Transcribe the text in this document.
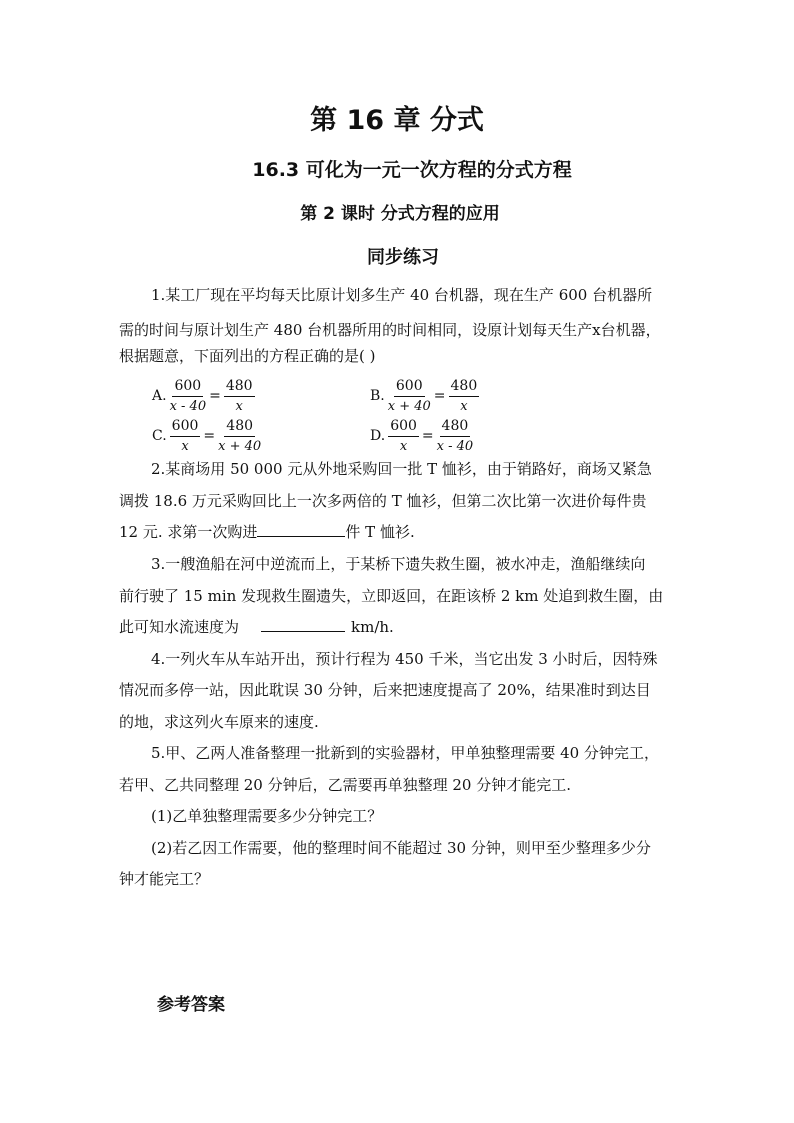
第 16 章 分式
16.3 可化为一元一次方程的分式方程
第 2 课时 分式方程的应用
同步练习
1.某工厂现在平均每天比原计划多生产 40 台机器，现在生产 600 台机器所
需的时间与原计划生产 480 台机器所用的时间相同，设原计划每天生产x台机器，
根据题意，下面列出的方程正确的是( )
A. $\frac{600}{x - 40} = \frac{480}{x}$	B. $\frac{600}{x + 40} = \frac{480}{x}$
C. $\frac{600}{x} = \frac{480}{x + 40}$	D. $\frac{600}{x} = \frac{480}{x - 40}$
2.某商场用 50 000 元从外地采购回一批 T 恤衫，由于销路好，商场又紧急
调拨 18.6 万元采购回比上一次多两倍的 T 恤衫，但第二次比第一次进价每件贵
12 元. 求第一次购进	件 T 恤衫.
3.一艘渔船在河中逆流而上，于某桥下遗失救生圈，被水冲走，渔船继续向
前行驶了 15 min 发现救生圈遗失，立即返回，在距该桥 2 km 处追到救生圈，由
此可知水流速度为	km/h.
4.一列火车从车站开出，预计行程为 450 千米，当它出发 3 小时后，因特殊
情况而多停一站，因此耽误 30 分钟，后来把速度提高了 20%，结果准时到达目
的地，求这列火车原来的速度.
5.甲、乙两人准备整理一批新到的实验器材，甲单独整理需要 40 分钟完工，
若甲、乙共同整理 20 分钟后，乙需要再单独整理 20 分钟才能完工.
(1)乙单独整理需要多少分钟完工？
(2)若乙因工作需要，他的整理时间不能超过 30 分钟，则甲至少整理多少分
钟才能完工？
参考答案
